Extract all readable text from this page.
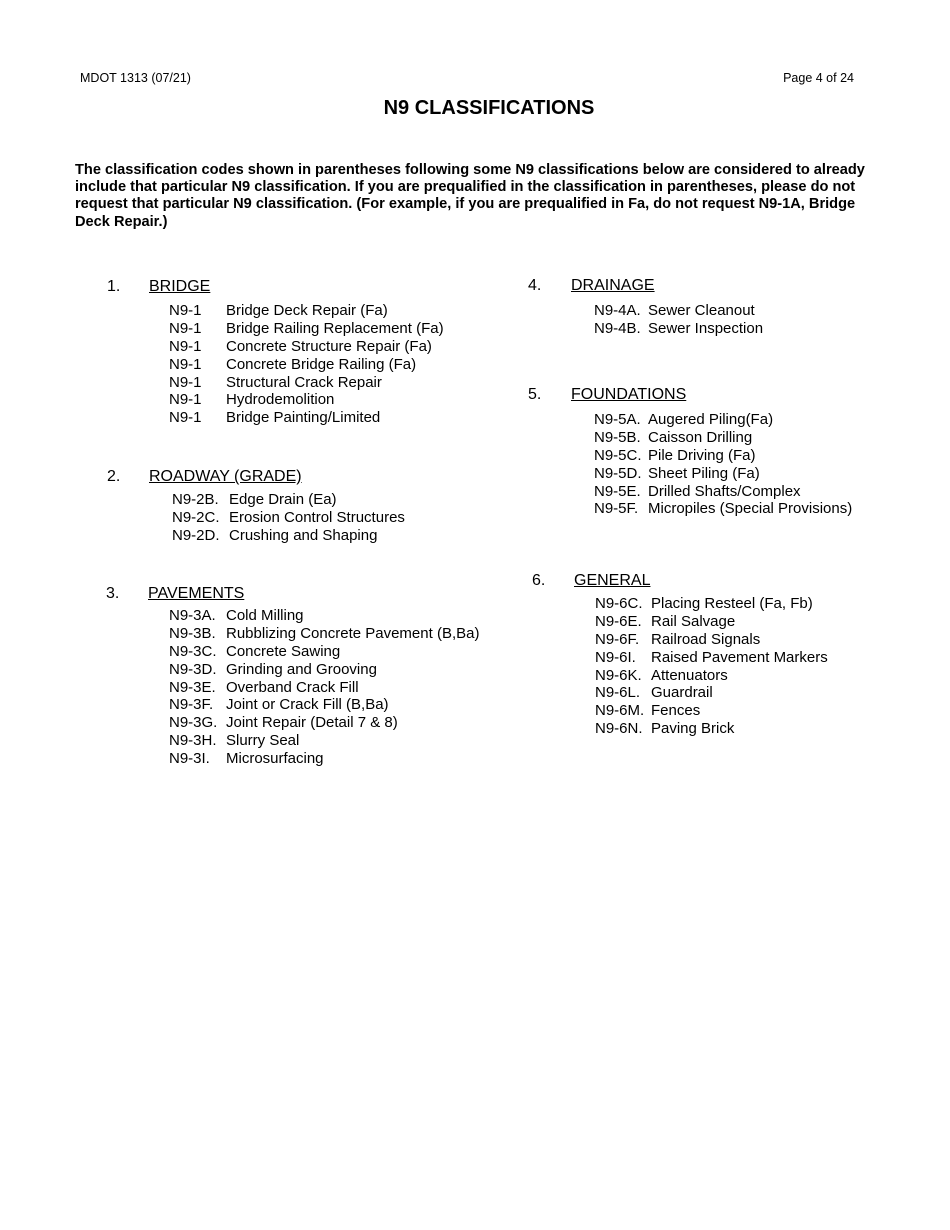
MDOT 1313 (07/21)	Page 4 of 24
N9 CLASSIFICATIONS
The classification codes shown in parentheses following some N9 classifications below are considered to already include that particular N9 classification. If you are prequalified in the classification in parentheses, please do not request that particular N9 classification. (For example, if you are prequalified in Fa, do not request N9-1A, Bridge Deck Repair.)
1. BRIDGE
N9-1 Bridge Deck Repair (Fa)
N9-1 Bridge Railing Replacement (Fa)
N9-1 Concrete Structure Repair (Fa)
N9-1 Concrete Bridge Railing (Fa)
N9-1 Structural Crack Repair
N9-1 Hydrodemolition
N9-1 Bridge Painting/Limited
2. ROADWAY (GRADE)
N9-2B. Edge Drain (Ea)
N9-2C. Erosion Control Structures
N9-2D. Crushing and Shaping
3. PAVEMENTS
N9-3A. Cold Milling
N9-3B. Rubblizing Concrete Pavement (B,Ba)
N9-3C. Concrete Sawing
N9-3D. Grinding and Grooving
N9-3E. Overband Crack Fill
N9-3F. Joint or Crack Fill (B,Ba)
N9-3G. Joint Repair (Detail 7 & 8)
N9-3H. Slurry Seal
N9-3I. Microsurfacing
4. DRAINAGE
N9-4A. Sewer Cleanout
N9-4B. Sewer Inspection
5. FOUNDATIONS
N9-5A. Augered Piling(Fa)
N9-5B. Caisson Drilling
N9-5C. Pile Driving (Fa)
N9-5D. Sheet Piling (Fa)
N9-5E. Drilled Shafts/Complex
N9-5F. Micropiles (Special Provisions)
6. GENERAL
N9-6C. Placing Resteel (Fa, Fb)
N9-6E. Rail Salvage
N9-6F. Railroad Signals
N9-6I. Raised Pavement Markers
N9-6K. Attenuators
N9-6L. Guardrail
N9-6M. Fences
N9-6N. Paving Brick
